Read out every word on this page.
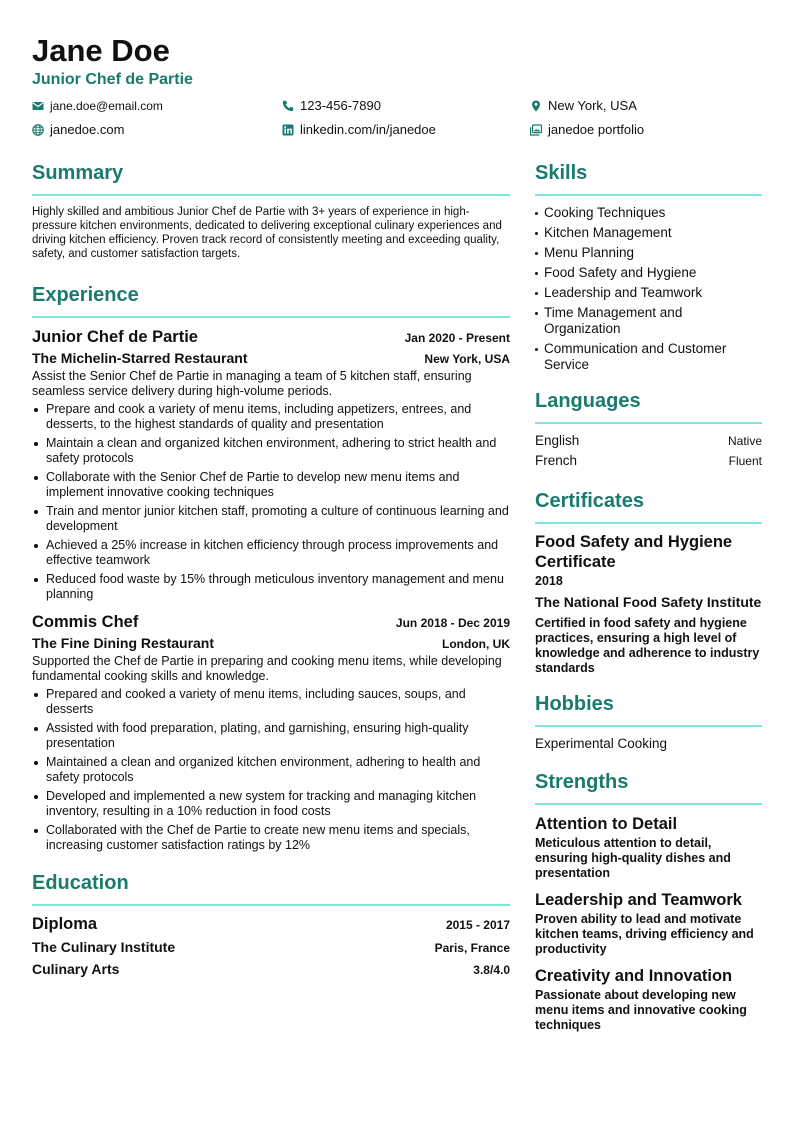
Jane Doe
Junior Chef de Partie
jane.doe@email.com	123-456-7890	New York, USA
janedoe.com	linkedin.com/in/janedoe	janedoe portfolio
Summary
Highly skilled and ambitious Junior Chef de Partie with 3+ years of experience in high-pressure kitchen environments, dedicated to delivering exceptional culinary experiences and driving kitchen efficiency. Proven track record of consistently meeting and exceeding quality, safety, and customer satisfaction targets.
Experience
Junior Chef de Partie	Jan 2020 - Present
The Michelin-Starred Restaurant	New York, USA
Assist the Senior Chef de Partie in managing a team of 5 kitchen staff, ensuring seamless service delivery during high-volume periods.
Prepare and cook a variety of menu items, including appetizers, entrees, and desserts, to the highest standards of quality and presentation
Maintain a clean and organized kitchen environment, adhering to strict health and safety protocols
Collaborate with the Senior Chef de Partie to develop new menu items and implement innovative cooking techniques
Train and mentor junior kitchen staff, promoting a culture of continuous learning and development
Achieved a 25% increase in kitchen efficiency through process improvements and effective teamwork
Reduced food waste by 15% through meticulous inventory management and menu planning
Commis Chef	Jun 2018 - Dec 2019
The Fine Dining Restaurant	London, UK
Supported the Chef de Partie in preparing and cooking menu items, while developing fundamental cooking skills and knowledge.
Prepared and cooked a variety of menu items, including sauces, soups, and desserts
Assisted with food preparation, plating, and garnishing, ensuring high-quality presentation
Maintained a clean and organized kitchen environment, adhering to health and safety protocols
Developed and implemented a new system for tracking and managing kitchen inventory, resulting in a 10% reduction in food costs
Collaborated with the Chef de Partie to create new menu items and specials, increasing customer satisfaction ratings by 12%
Education
Diploma	2015 - 2017
The Culinary Institute	Paris, France
Culinary Arts	3.8/4.0
Skills
Cooking Techniques
Kitchen Management
Menu Planning
Food Safety and Hygiene
Leadership and Teamwork
Time Management and Organization
Communication and Customer Service
Languages
English	Native
French	Fluent
Certificates
Food Safety and Hygiene Certificate
2018
The National Food Safety Institute
Certified in food safety and hygiene practices, ensuring a high level of knowledge and adherence to industry standards
Hobbies
Experimental Cooking
Strengths
Attention to Detail
Meticulous attention to detail, ensuring high-quality dishes and presentation
Leadership and Teamwork
Proven ability to lead and motivate kitchen teams, driving efficiency and productivity
Creativity and Innovation
Passionate about developing new menu items and innovative cooking techniques
